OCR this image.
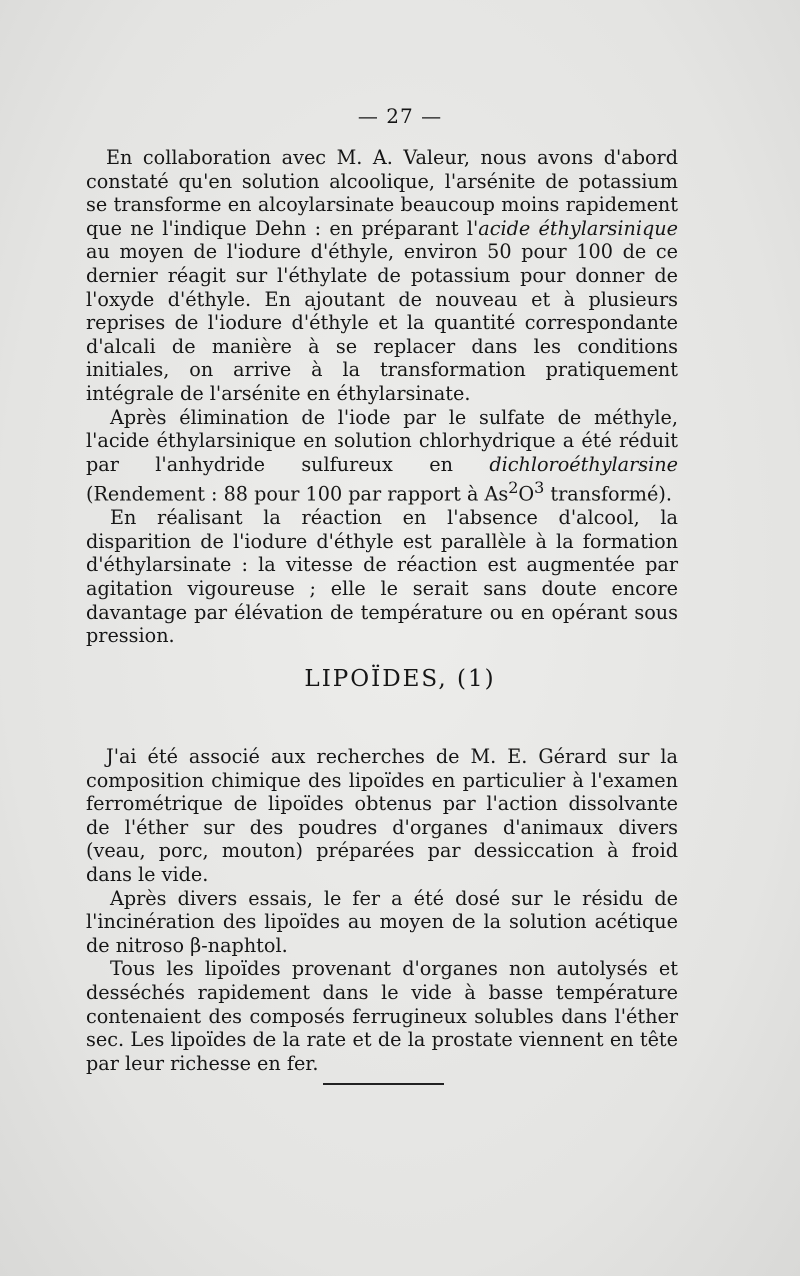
— 27 —

En collaboration avec M. A. Valeur, nous avons d'abord constaté qu'en solution alcoolique, l'arsénite de potassium se transforme en alcoylarsinate beaucoup moins rapidement que ne l'indique Dehn : en préparant l'acide éthylarsinique au moyen de l'iodure d'éthyle, environ 50 pour 100 de ce dernier réagit sur l'éthylate de potassium pour donner de l'oxyde d'éthyle. En ajoutant de nouveau et à plusieurs reprises de l'iodure d'éthyle et la quantité correspondante d'alcali de manière à se replacer dans les conditions initiales, on arrive à la transformation pratiquement intégrale de l'arsénite en éthylarsinate.

Après élimination de l'iode par le sulfate de méthyle, l'acide éthylarsinique en solution chlorhydrique a été réduit par l'anhydride sulfureux en dichloroéthylarsine (Rendement : 88 pour 100 par rapport à $As^2O^3$ transformé).

En réalisant la réaction en l'absence d'alcool, la disparition de l'iodure d'éthyle est parallèle à la formation d'éthylarsinate : la vitesse de réaction est augmentée par agitation vigoureuse ; elle le serait sans doute encore davantage par élévation de température ou en opérant sous pression.

LIPOÏDES, (1)

J'ai été associé aux recherches de M. E. Gérard sur la composition chimique des lipoïdes en particulier à l'examen ferrométrique de lipoïdes obtenus par l'action dissolvante de l'éther sur des poudres d'organes d'animaux divers (veau, porc, mouton) préparées par dessiccation à froid dans le vide.

Après divers essais, le fer a été dosé sur le résidu de l'incinération des lipoïdes au moyen de la solution acétique de nitroso β-naphtol.

Tous les lipoïdes provenant d'organes non autolysés et desséchés rapidement dans le vide à basse température contenaient des composés ferrugineux solubles dans l'éther sec. Les lipoïdes de la rate et de la prostate viennent en tête par leur richesse en fer.
